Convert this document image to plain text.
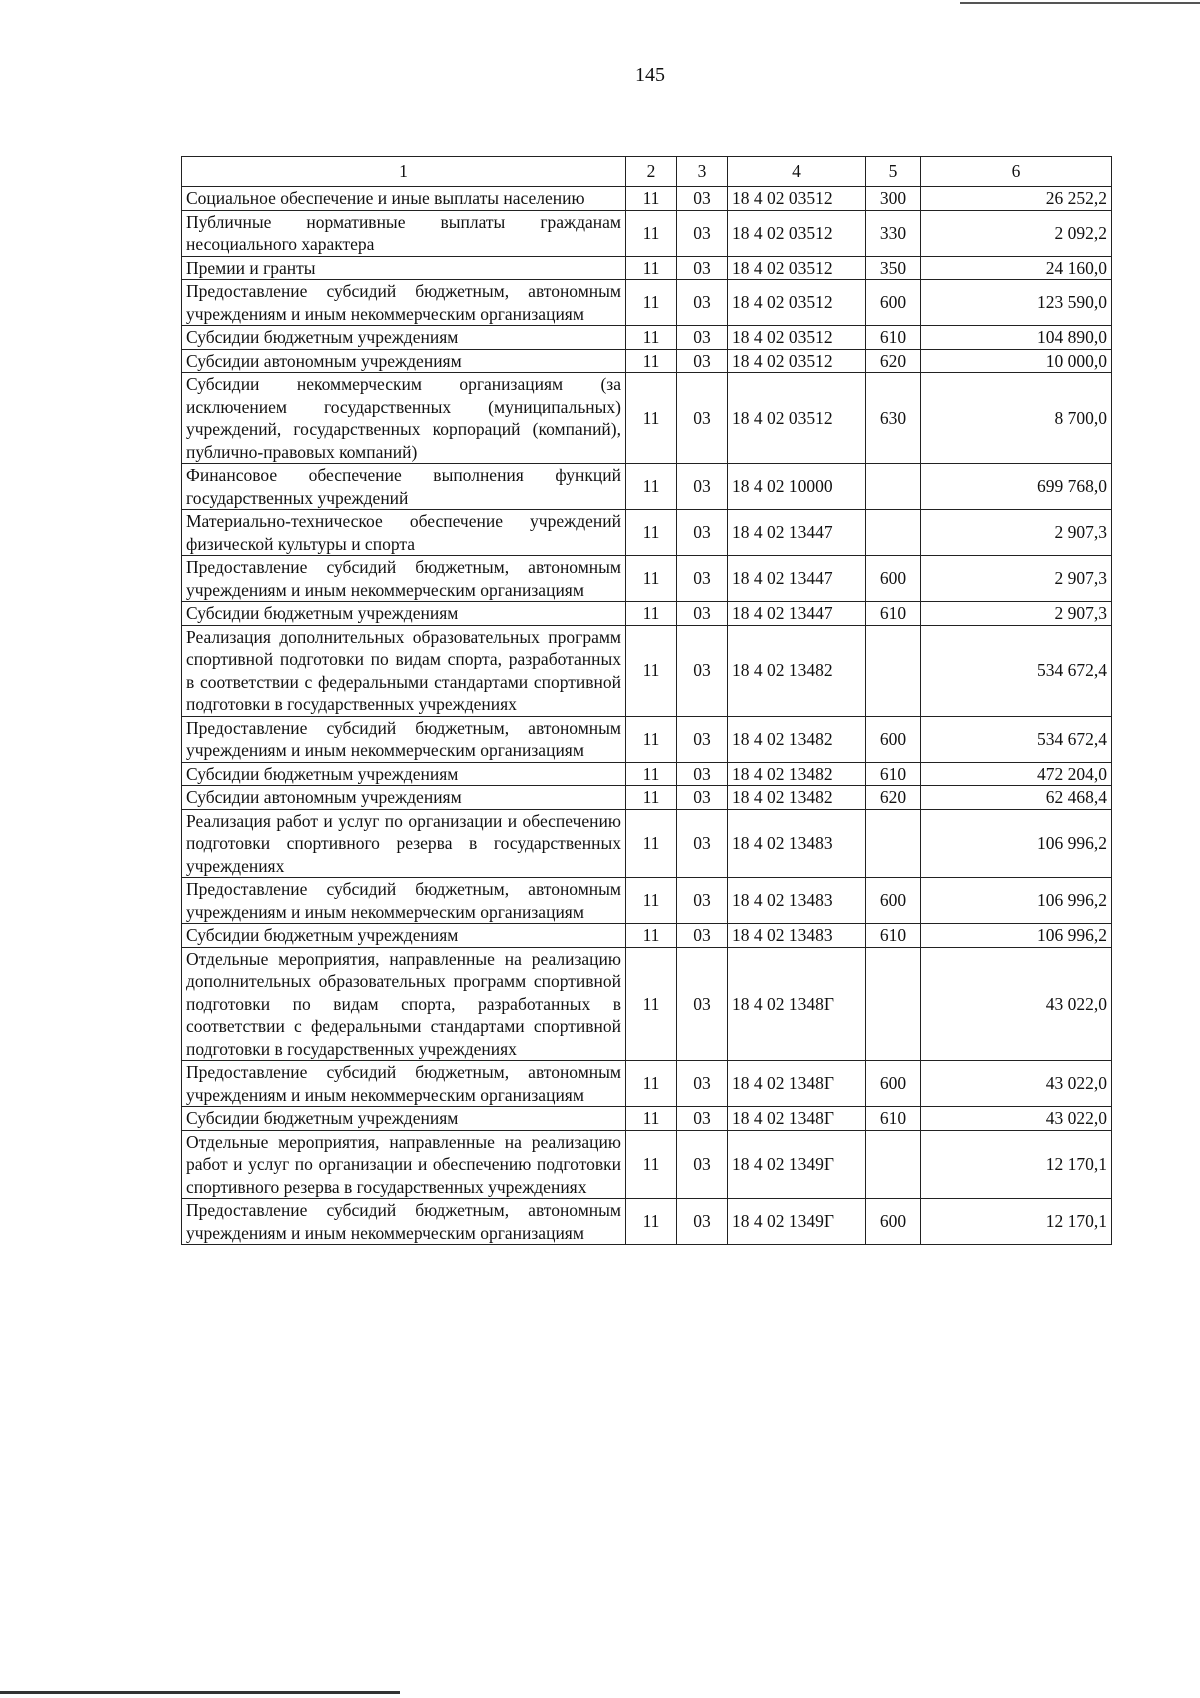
145
1	2	3	4	5	6
Социальное обеспечение и иные выплаты населению	11	03	18 4 02 03512	300	26 252,2
Публичные нормативные выплаты гражданам несоциального характера	11	03	18 4 02 03512	330	2 092,2
Премии и гранты	11	03	18 4 02 03512	350	24 160,0
Предоставление субсидий бюджетным, автономным учреждениям и иным некоммерческим организациям	11	03	18 4 02 03512	600	123 590,0
Субсидии бюджетным учреждениям	11	03	18 4 02 03512	610	104 890,0
Субсидии автономным учреждениям	11	03	18 4 02 03512	620	10 000,0
Субсидии некоммерческим организациям (за исключением государственных (муниципальных) учреждений, государственных корпораций (компаний), публично-правовых компаний)	11	03	18 4 02 03512	630	8 700,0
Финансовое обеспечение выполнения функций государственных учреждений	11	03	18 4 02 10000		699 768,0
Материально-техническое обеспечение учреждений физической культуры и спорта	11	03	18 4 02 13447		2 907,3
Предоставление субсидий бюджетным, автономным учреждениям и иным некоммерческим организациям	11	03	18 4 02 13447	600	2 907,3
Субсидии бюджетным учреждениям	11	03	18 4 02 13447	610	2 907,3
Реализация дополнительных образовательных программ спортивной подготовки по видам спорта, разработанных в соответствии с федеральными стандартами спортивной подготовки в государственных учреждениях	11	03	18 4 02 13482		534 672,4
Предоставление субсидий бюджетным, автономным учреждениям и иным некоммерческим организациям	11	03	18 4 02 13482	600	534 672,4
Субсидии бюджетным учреждениям	11	03	18 4 02 13482	610	472 204,0
Субсидии автономным учреждениям	11	03	18 4 02 13482	620	62 468,4
Реализация работ и услуг по организации и обеспечению подготовки спортивного резерва в государственных учреждениях	11	03	18 4 02 13483		106 996,2
Предоставление субсидий бюджетным, автономным учреждениям и иным некоммерческим организациям	11	03	18 4 02 13483	600	106 996,2
Субсидии бюджетным учреждениям	11	03	18 4 02 13483	610	106 996,2
Отдельные мероприятия, направленные на реализацию дополнительных образовательных программ спортивной подготовки по видам спорта, разработанных в соответствии с федеральными стандартами спортивной подготовки в государственных учреждениях	11	03	18 4 02 1348Г		43 022,0
Предоставление субсидий бюджетным, автономным учреждениям и иным некоммерческим организациям	11	03	18 4 02 1348Г	600	43 022,0
Субсидии бюджетным учреждениям	11	03	18 4 02 1348Г	610	43 022,0
Отдельные мероприятия, направленные на реализацию работ и услуг по организации и обеспечению подготовки спортивного резерва в государственных учреждениях	11	03	18 4 02 1349Г		12 170,1
Предоставление субсидий бюджетным, автономным учреждениям и иным некоммерческим организациям	11	03	18 4 02 1349Г	600	12 170,1
